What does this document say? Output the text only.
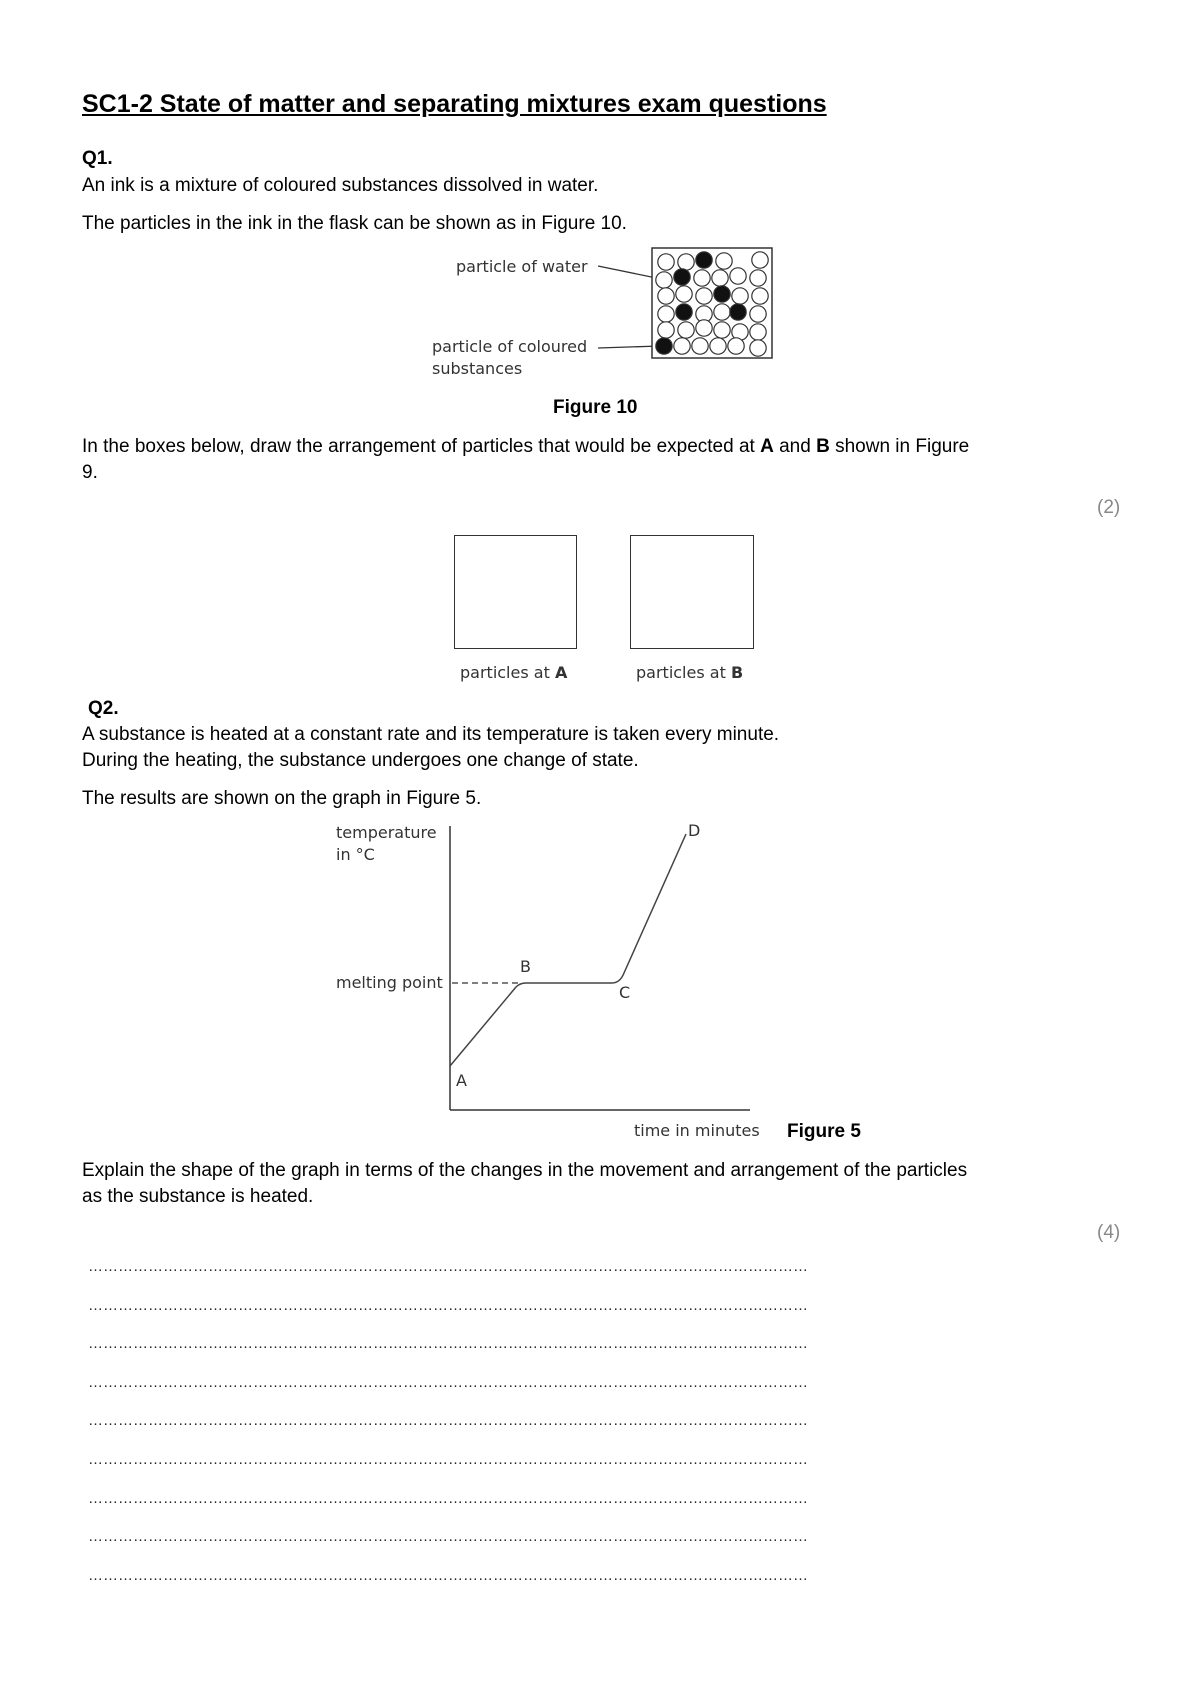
SC1-2 State of matter and separating mixtures exam questions
Q1.
An ink is a mixture of coloured substances dissolved in water.
The particles in the ink in the flask can be shown as in Figure 10.
particle of water
particle of coloured
substances
Figure 10
In the boxes below, draw the arrangement of particles that would be expected at A and B shown in Figure
9.
(2)
particles at A	particles at B
Q2.
A substance is heated at a constant rate and its temperature is taken every minute.
During the heating, the substance undergoes one change of state.
The results are shown on the graph in Figure 5.
temperature
in °C
melting point
A
B
C
D
time in minutes Figure 5
Explain the shape of the graph in terms of the changes in the movement and arrangement of the particles
as the substance is heated.
(4)
………………………………………………………………………………………………………………………………
………………………………………………………………………………………………………………………………
………………………………………………………………………………………………………………………………
………………………………………………………………………………………………………………………………
………………………………………………………………………………………………………………………………
………………………………………………………………………………………………………………………………
………………………………………………………………………………………………………………………………
………………………………………………………………………………………………………………………………
………………………………………………………………………………………………………………………………
